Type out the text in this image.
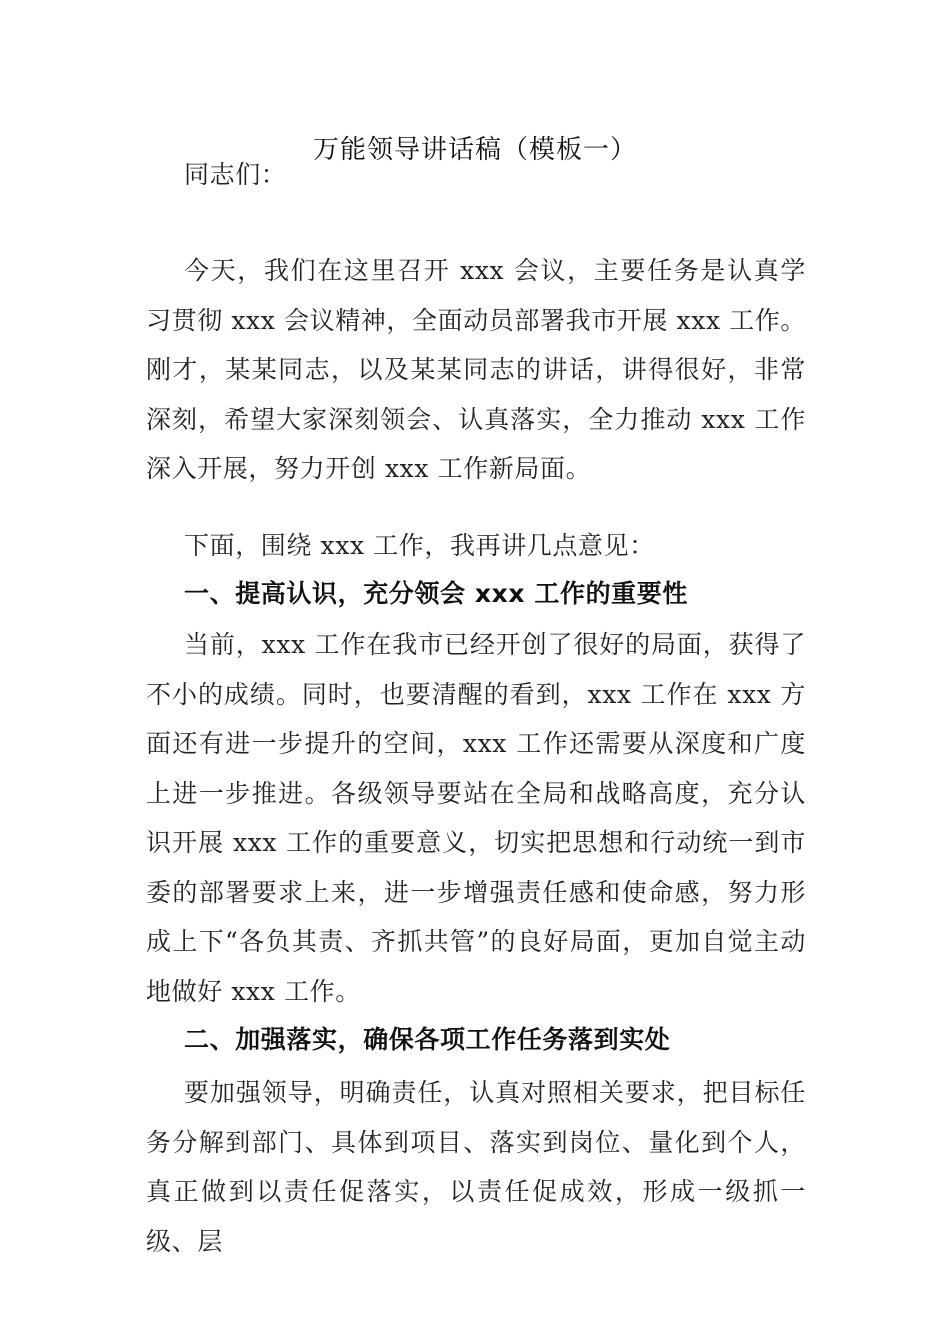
万能领导讲话稿（模板一）

同志们：

今天，我们在这里召开 xxx 会议，主要任务是认真学习贯彻 xxx 会议精神，全面动员部署我市开展 xxx 工作。刚才，某某同志，以及某某同志的讲话，讲得很好，非常深刻，希望大家深刻领会、认真落实，全力推动 xxx 工作深入开展，努力开创 xxx 工作新局面。

下面，围绕 xxx 工作，我再讲几点意见：

一、提高认识，充分领会 xxx 工作的重要性

当前，xxx 工作在我市已经开创了很好的局面，获得了不小的成绩。同时，也要清醒的看到，xxx 工作在 xxx 方面还有进一步提升的空间，xxx 工作还需要从深度和广度上进一步推进。各级领导要站在全局和战略高度，充分认识开展 xxx 工作的重要意义，切实把思想和行动统一到市委的部署要求上来，进一步增强责任感和使命感，努力形成上下“各负其责、齐抓共管”的良好局面，更加自觉主动地做好 xxx 工作。

二、加强落实，确保各项工作任务落到实处

要加强领导，明确责任，认真对照相关要求，把目标任务分解到部门、具体到项目、落实到岗位、量化到个人，真正做到以责任促落实，以责任促成效，形成一级抓一级、层
